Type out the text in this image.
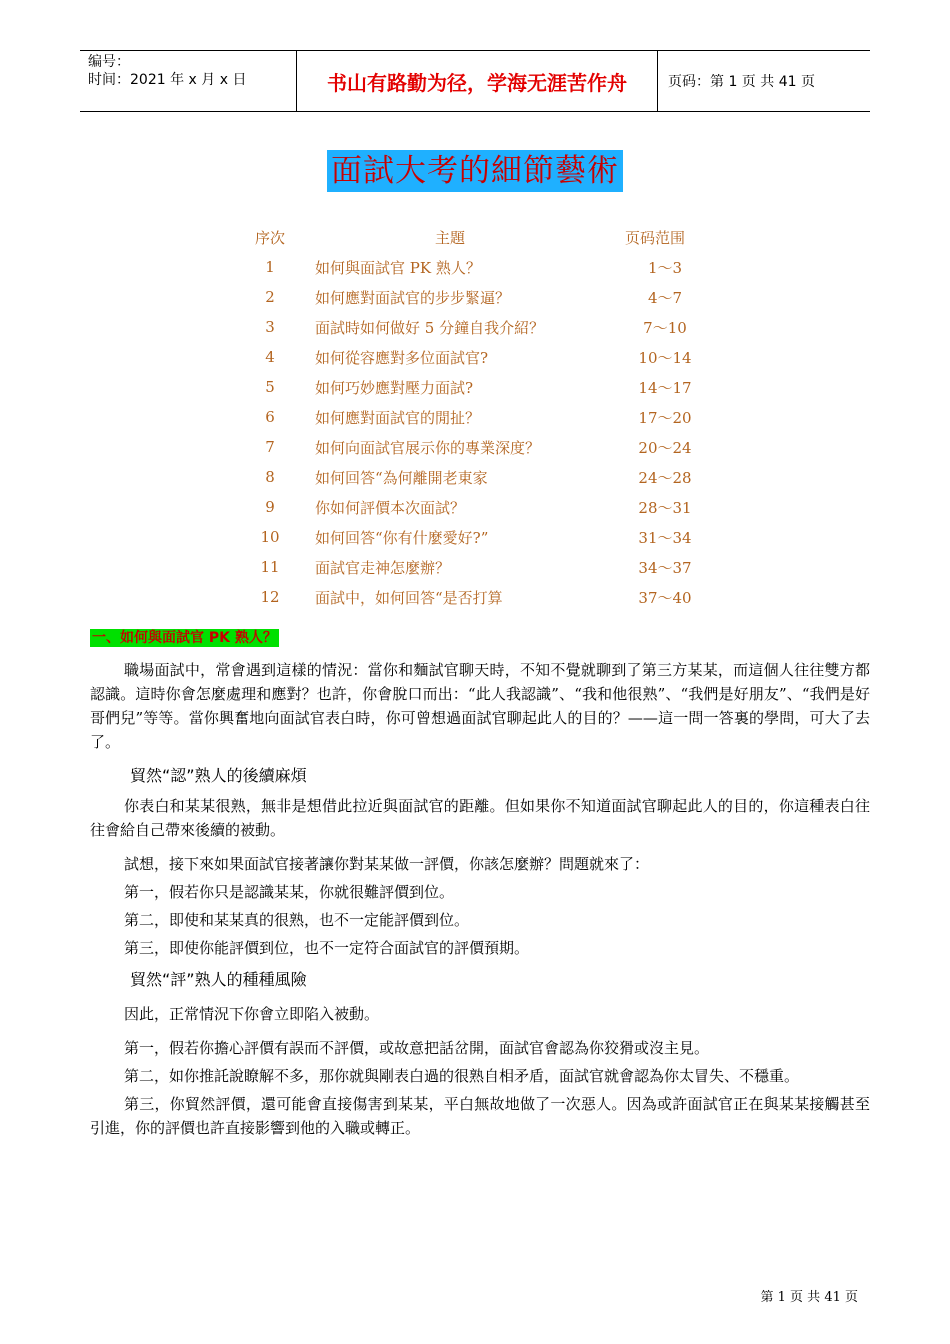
编号：
时间：2021 年 x 月 x 日	书山有路勤为径，学海无涯苦作舟	页码：第 1 页 共 41 页
面試大考的細節藝術
序次	主題	页码范围
1	如何與面試官 PK 熟人？	1～3
2	如何應對面試官的步步緊逼？	4～7
3	面試時如何做好 5 分鐘自我介紹？	7～10
4	如何從容應對多位面試官?	10～14
5	如何巧妙應對壓力面試?	14～17
6	如何應對面試官的閒扯？	17～20
7	如何向面試官展示你的專業深度？	20～24
8	如何回答“為何離開老東家	24～28
9	你如何評價本次面試？	28～31
10	如何回答“你有什麼愛好?”	31～34
11	面試官走神怎麼辦？	34～37
12	面試中，如何回答“是否打算	37～40
一、如何與面試官 PK 熟人？

職場面試中，常會遇到這樣的情況：當你和麵試官聊天時，不知不覺就聊到了第三方某某，而這個人往往雙方都認識。這時你會怎麼處理和應對？也許，你會脫口而出：“此人我認識”、“我和他很熟”、“我們是好朋友”、“我們是好哥們兒”等等。當你興奮地向面試官表白時，你可曾想過面試官聊起此人的目的？——這一問一答裏的學問，可大了去了。

貿然“認”熟人的後續麻煩

你表白和某某很熟，無非是想借此拉近與面試官的距離。但如果你不知道面試官聊起此人的目的，你這種表白往往會給自己帶來後續的被動。

試想，接下來如果面試官接著讓你對某某做一評價，你該怎麼辦？問題就來了：

第一，假若你只是認識某某，你就很難評價到位。

第二，即使和某某真的很熟，也不一定能評價到位。

第三，即使你能評價到位，也不一定符合面試官的評價預期。

貿然“評”熟人的種種風險

因此，正常情況下你會立即陷入被動。

第一，假若你擔心評價有誤而不評價，或故意把話岔開，面試官會認為你狡猾或沒主見。

第二，如你推託說瞭解不多，那你就與剛表白過的很熟自相矛盾，面試官就會認為你太冒失、不穩重。

第三，你貿然評價，還可能會直接傷害到某某，平白無故地做了一次惡人。因為或許面試官正在與某某接觸甚至引進，你的評價也許直接影響到他的入職或轉正。

第 1 页 共 41 页
